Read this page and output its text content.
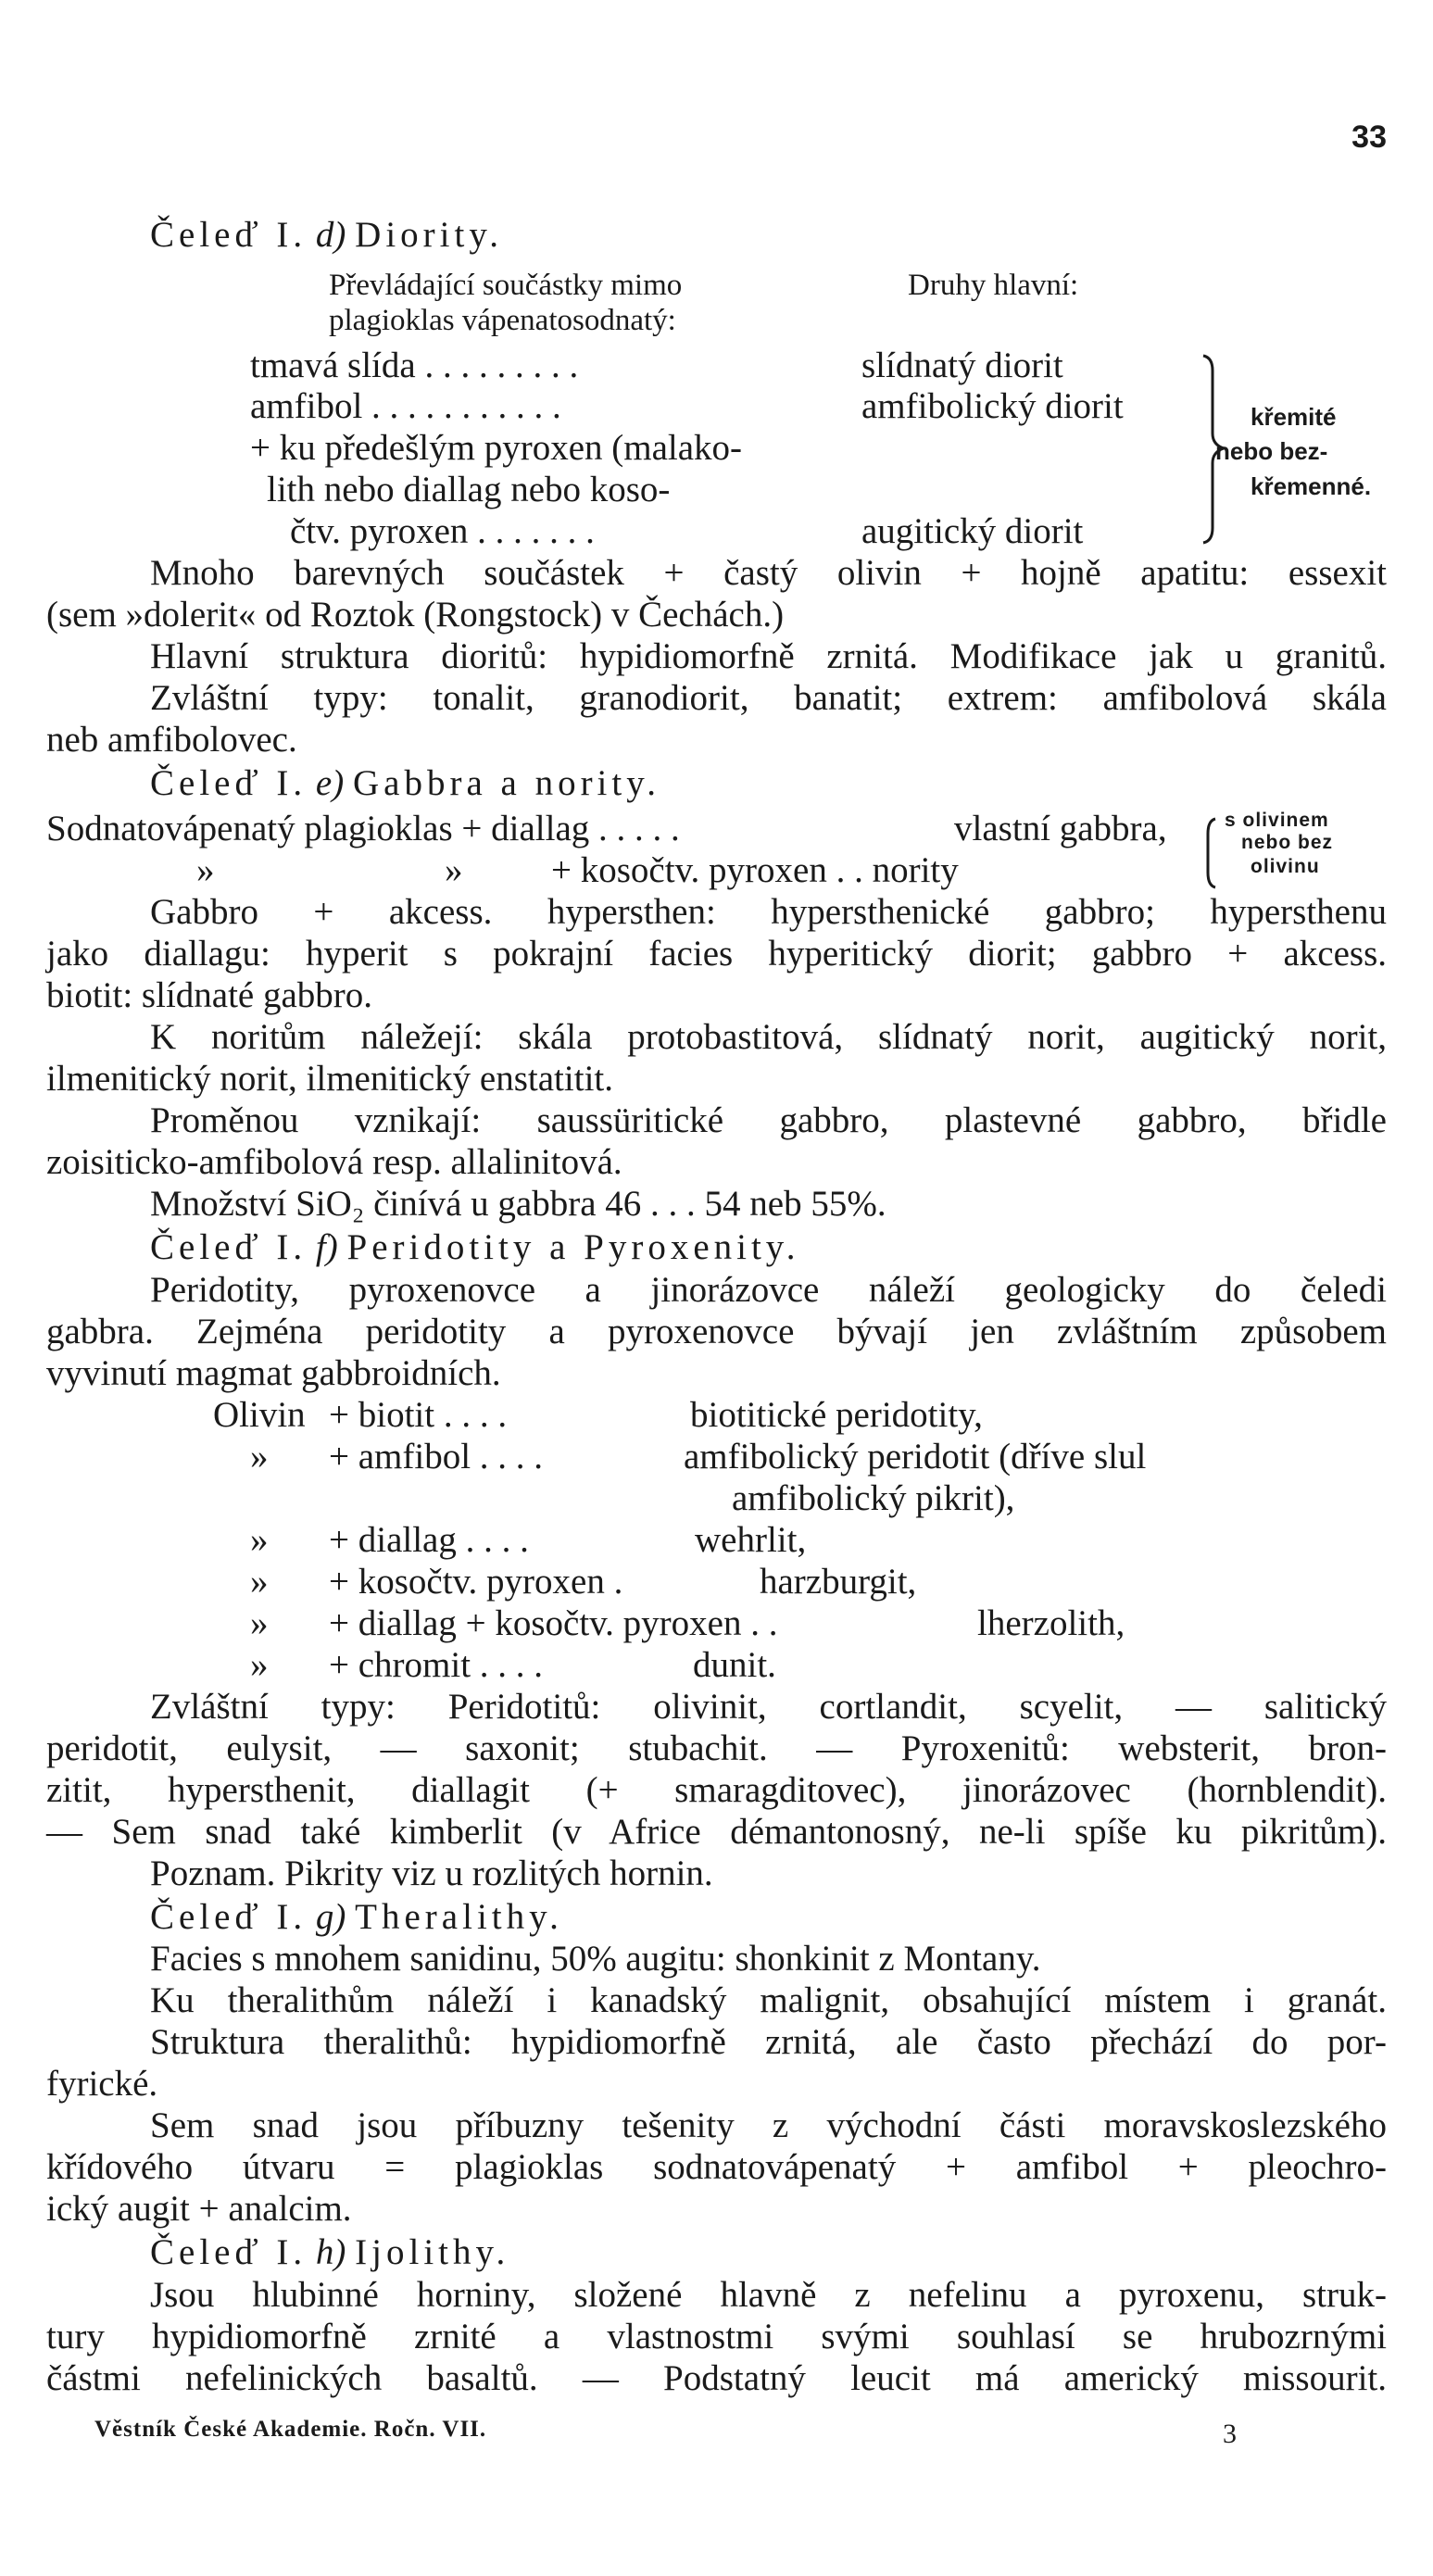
33
Čeleď I. d) Diority.
Převládající součástky mimo
plagioklas vápenatosodnatý:
Druhy hlavní:
tmavá slída . . . . . . . . .	slídnatý diorit
amfibol . . . . . . . . . . .	amfibolický diorit
+ ku předešlým pyroxen (malako-
lith nebo diallag nebo koso-
čtv. pyroxen . . . . . . .	augitický diorit
křemité
nebo bez-
křemenné.
Mnoho barevných součástek + častý olivin + hojně apatitu: essexit
(sem »dolerit« od Roztok (Rongstock) v Čechách.)
Hlavní struktura dioritů: hypidiomorfně zrnitá. Modifikace jak u granitů.
Zvláštní typy: tonalit, granodiorit, banatit; extrem: amfibolová skála
neb amfibolovec.
Čeleď I. e) Gabbra a nority.
Sodnatovápenatý plagioklas + diallag . . . . .	vlastní gabbra,
»	» + kosočtv. pyroxen . . nority
s olivinem
nebo bez
olivinu
Gabbro + akcess. hypersthen: hypersthenické gabbro; hypersthenu
jako diallagu: hyperit s pokrajní facies hyperitický diorit; gabbro + akcess.
biotit: slídnaté gabbro.
K noritům náležejí: skála protobastitová, slídnatý norit, augitický norit,
ilmenitický norit, ilmenitický enstatitit.
Proměnou vznikají: saussüritické gabbro, plastevné gabbro, břidle
zoisiticko-amfibolová resp. allalinitová.
Množství SiO₂ činívá u gabbra 46 . . . 54 neb 55%.
Čeleď I. f) Peridotity a Pyroxenity.
Peridotity, pyroxenovce a jinorázovce náleží geologicky do čeledi
gabbra. Zejména peridotity a pyroxenovce bývají jen zvláštním způsobem
vyvinutí magmat gabbroidních.
Olivin + biotit . . . .	biotitické peridotity,
» + amfibol . . . .	amfibolický peridotit (dříve slul
amfibolický pikrit),
» + diallag . . . .	wehrlit,
» + kosočtv. pyroxen .	harzburgit,
» + diallag + kosočtv. pyroxen . .	lherzolith,
» + chromit . . . .	dunit.
Zvláštní typy: Peridotitů: olivinit, cortlandit, scyelit, — salitický
peridotit, eulysit, — saxonit; stubachit. — Pyroxenitů: websterit, bron-
zitit, hypersthenit, diallagit (+ smaragditovec), jinorázovec (hornblendit).
— Sem snad také kimberlit (v Africe démantonosný, ne-li spíše ku pikritům).
Poznam. Pikrity viz u rozlitých hornin.
Čeleď I. g) Theralithy.
Facies s mnohem sanidinu, 50% augitu: shonkinit z Montany.
Ku theralithům náleží i kanadský malignit, obsahující místem i granát.
Struktura theralithů: hypidiomorfně zrnitá, ale často přechází do por-
fyrické.
Sem snad jsou příbuzny tešenity z východní části moravskoslezského
křídového útvaru = plagioklas sodnatovápenatý + amfibol + pleochro-
ický augit + analcim.
Čeleď I. h) Ijolithy.
Jsou hlubinné horniny, složené hlavně z nefelinu a pyroxenu, struk-
tury hypidiomorfně zrnité a vlastnostmi svými souhlasí se hrubozrnými
částmi nefelinických basaltů. — Podstatný leucit má americký missourit.
Věstník České Akademie. Ročn. VII.	3
